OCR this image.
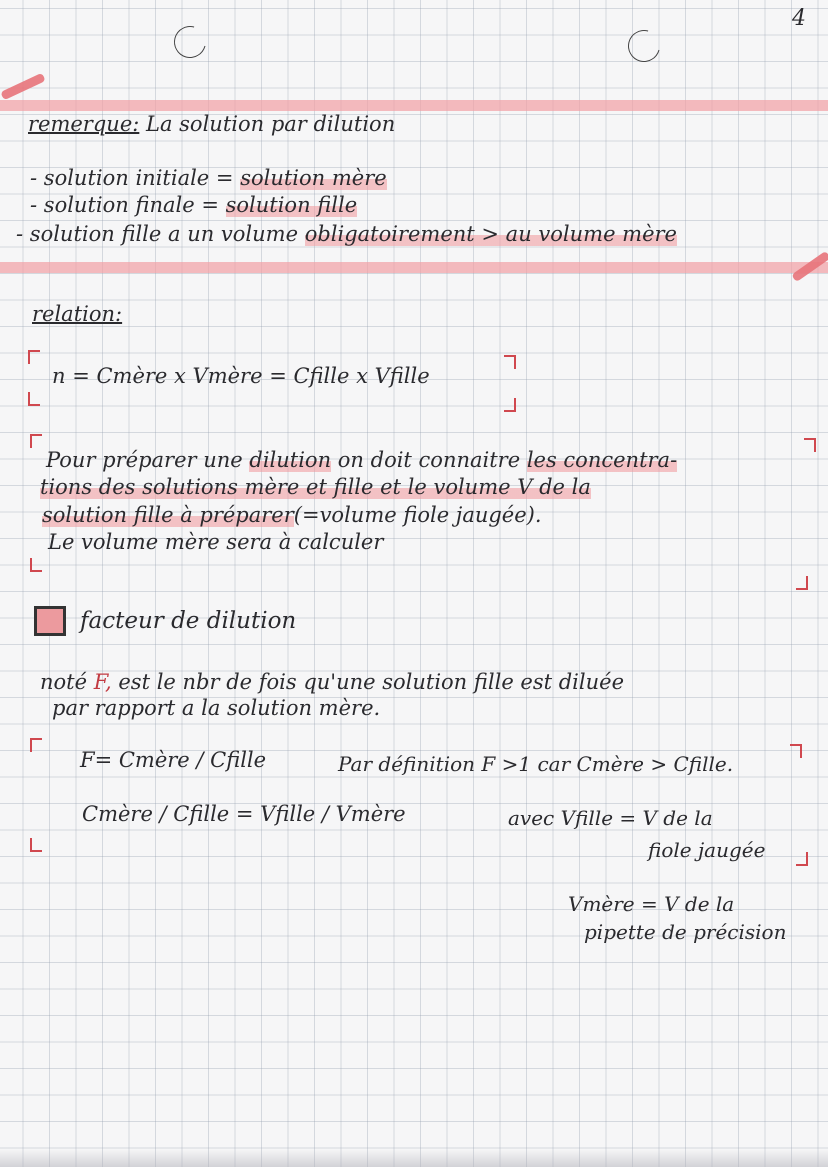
4
remerque: La solution par dilution
- solution initiale = solution mère
- solution finale = solution fille
- solution fille a un volume obligatoirement > au volume mère
relation:
n = Cmère x Vmère = Cfille x Vfille
Pour préparer une dilution on doit connaitre les concentra-
tions des solutions mère et fille et le volume V de la
solution fille à préparer(=volume fiole jaugée).
Le volume mère sera à calculer
facteur de dilution
noté F, est le nbr de fois qu'une solution fille est diluée
par rapport a la solution mère.
F= Cmère / Cfille	Par définition F >1 car Cmère > Cfille.
Cmère / Cfille = Vfille / Vmère	avec Vfille = V de la
fiole jaugée
Vmère = V de la
pipette de précision
